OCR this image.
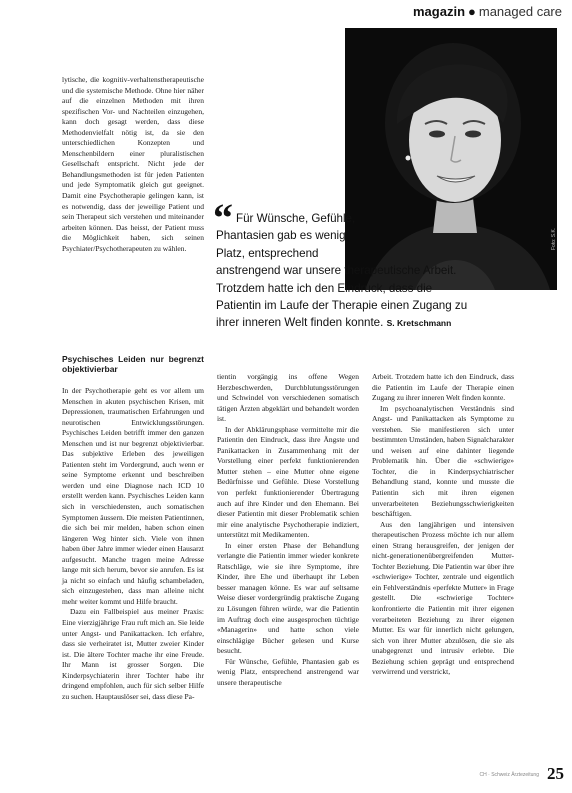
magazin ● managed care

lytische, die kognitiv-verhaltenstherapeutische und die systemische Methode. Ohne hier näher auf die einzelnen Methoden mit ihren spezifischen Vor- und Nachteilen einzugehen, kann doch gesagt werden, dass diese Methodenvielfalt nötig ist, da sie den unterschiedlichen Konzepten und Menschenbildern einer pluralistischen Gesellschaft entspricht. Nicht jede der Behandlungsmethoden ist für jeden Patienten und jede Symptomatik gleich gut geeignet. Damit eine Psychotherapie gelingen kann, ist es notwendig, dass der jeweilige Patient und sein Therapeut sich verstehen und miteinander arbeiten können. Das heisst, der Patient muss die Möglichkeit haben, sich seinen Psychiater/Psychotherapeuten zu wählen.

Psychisches Leiden nur begrenzt objektivierbar

In der Psychotherapie geht es vor allem um Menschen in akuten psychischen Krisen, mit Depressionen, traumatischen Erfahrungen und neurotischen Entwicklungsstörungen. Psychisches Leiden betrifft immer den ganzen Menschen und ist nur begrenzt objektivierbar. Das subjektive Erleben des jeweiligen Patienten steht im Vordergrund, auch wenn er seine Symptome erkennt und beschreiben werden und eine Diagnose nach ICD 10 erstellt werden kann. Psychisches Leiden kann sich in verschiedensten, auch somatischen Symptomen äussern. Die meisten Patientinnen, die sich bei mir melden, haben schon einen längeren Weg hinter sich. Viele von ihnen haben über Jahre immer wieder einen Hausarzt aufgesucht. Manche tragen meine Adresse lange mit sich herum, bevor sie anrufen. Es ist ja nicht so einfach und häufig schambeladen, sich einzugestehen, dass man alleine nicht mehr weiter kommt und Hilfe braucht.

Dazu ein Fallbeispiel aus meiner Praxis: Eine vierzigjährige Frau ruft mich an. Sie leide unter Angst- und Panikattacken. Ich erfahre, dass sie verheiratet ist, Mutter zweier Kinder ist. Die ältere Tochter mache ihr eine Freude. Ihr Mann ist grosser Sorgen. Die Kinderpsychiaterin ihrer Tochter habe ihr dringend empfohlen, auch für sich selber Hilfe zu suchen. Hauptauslöser sei, dass diese Pa-

Foto: S.K.
“ Für Wünsche, Gefühle,
Phantasien gab es wenig
Platz, entsprechend
anstrengend war unsere therapeutische Arbeit.
Trotzdem hatte ich den Eindruck, dass die
Patientin im Laufe der Therapie einen Zugang zu
ihrer inneren Welt finden konnte. S. Kretschmann

tientin vorgängig ins offene Wegen Herzbeschwerden, Durchblutungsstörungen und Schwindel von verschiedenen somatisch tätigen Ärzten abgeklärt und behandelt worden ist.

In der Abklärungsphase vermittelte mir die Patientin den Eindruck, dass ihre Ängste und Panikattacken in Zusammenhang mit der Vorstellung einer perfekt funktionierenden Mutter stehen – eine Mutter ohne eigene Bedürfnisse und Gefühle. Diese Vorstellung von perfekt funktionierender Übertragung auch auf ihre Kinder und den Ehemann. Bei dieser Patientin mit dieser Problematik schien mir eine analytische Psychotherapie indiziert, unterstützt mit Medikamenten.

In einer ersten Phase der Behandlung verlangte die Patientin immer wieder konkrete Ratschläge, wie sie ihre Symptome, ihre Kinder, ihre Ehe und überhaupt ihr Leben besser managen könne. Es war auf seltsame Weise dieser vordergründig praktische Zugang zu Lösungen führen würde, war die Patientin im Auftrag doch eine ausgesprochen tüchtige «Managerin» und hatte schon viele einschlägige Bücher gelesen und Kurse besucht.

Für Wünsche, Gefühle, Phantasien gab es wenig Platz, entsprechend anstrengend war unsere therapeutische

Arbeit. Trotzdem hatte ich den Eindruck, dass die Patientin im Laufe der Therapie einen Zugang zu ihrer inneren Welt finden konnte.

Im psychoanalytischen Verständnis sind Angst- und Panikattacken als Symptome zu verstehen. Sie manifestieren sich unter bestimmten Umständen, haben Signalcharakter und weisen auf eine dahinter liegende Problematik hin. Über die «schwierige» Tochter, die in Kinderpsychiatrischer Behandlung stand, konnte und musste die Patientin sich mit ihren eigenen unverarbeiteten Beziehungsschwierigkeiten beschäftigen.

Aus den langjährigen und intensiven therapeutischen Prozess möchte ich nur allem einen Strang herausgreifen, der jenigen der nicht-generationenübergreifenden Mutter-Tochter Beziehung. Die Patientin war über ihre «schwierige» Tochter, zentrale und eigentlich ein Fehlverständnis «perfekte Mutter» in Frage gestellt. Die «schwierige Tochter» konfrontierte die Patientin mit ihrer eigenen verarbeiteten Beziehung zu ihrer eigenen Mutter. Es war für innerlich nicht gelungen, sich von ihrer Mutter abzulösen, die sie als unabgegrenzt und intrusiv erlebte. Die Beziehung schien geprägt und entsprechend verwirrend und verstrickt,

CH · Schweiz Ärztezeitung 25
